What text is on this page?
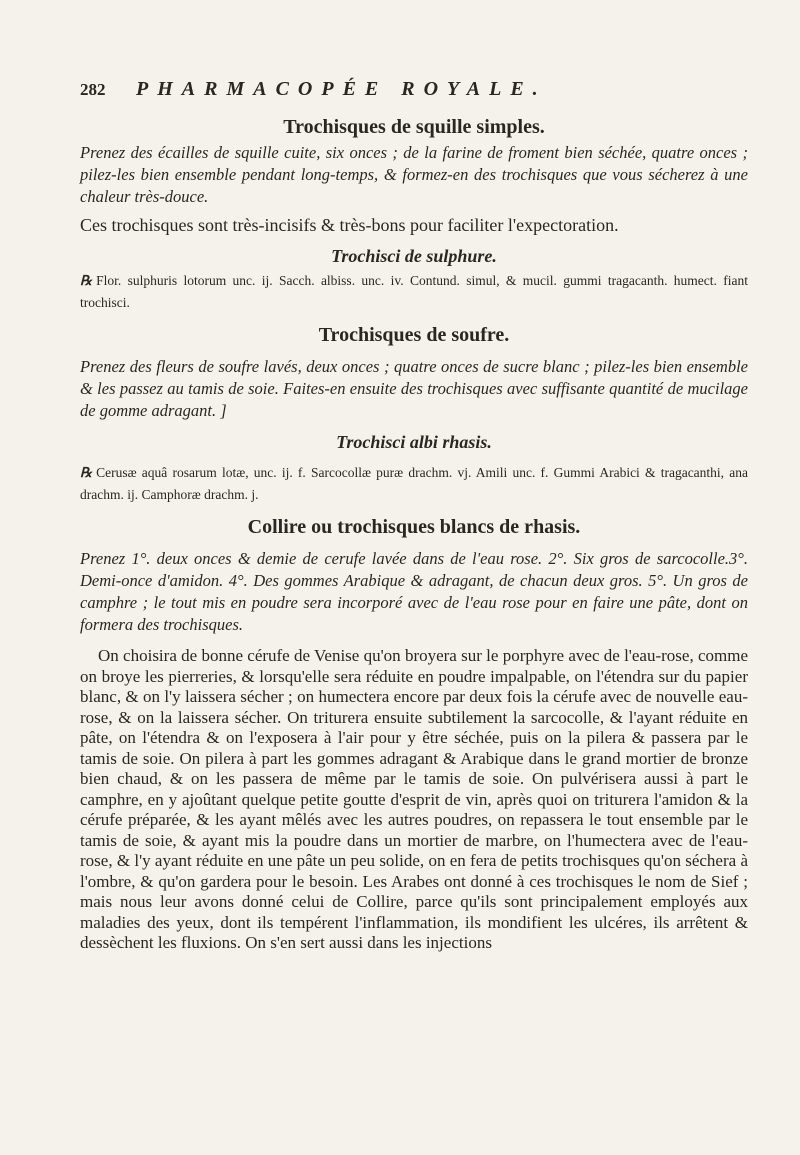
282	PHARMACOPÉE ROYALE.
Trochisques de squille simples.

Prenez des écailles de squille cuite, six onces ; de la farine de froment bien séchée, quatre onces ; pilez-les bien ensemble pendant long-temps, & formez-en des trochisques que vous sécherez à une chaleur très-douce.

Ces trochisques sont très-incisifs & très-bons pour faciliter l'expectoration.

Trochisci de sulphure.

℞ Flor. sulphuris lotorum unc. ij. Sacch. albiss. unc. iv. Contund. simul, & mucil. gummi tragacanth. humect. fiant trochisci.

Trochisques de soufre.

Prenez des fleurs de soufre lavés, deux onces ; quatre onces de sucre blanc ; pilez-les bien ensemble & les passez au tamis de soie. Faites-en ensuite des trochisques avec suffisante quantité de mucilage de gomme adragant. ]

Trochisci albi rhasis.

℞ Cerusæ aquâ rosarum lotæ, unc. ij. f. Sarcocollæ puræ drachm. vj. Amili unc. f. Gummi Arabici & tragacanthi, ana drachm. ij. Camphoræ drachm. j.

Collire ou trochisques blancs de rhasis.

Prenez 1°. deux onces & demie de cerufe lavée dans de l'eau rose. 2°. Six gros de sarcocolle.3°. Demi-once d'amidon. 4°. Des gommes Arabique & adragant, de chacun deux gros. 5°. Un gros de camphre ; le tout mis en poudre sera incorporé avec de l'eau rose pour en faire une pâte, dont on formera des trochisques.

On choisira de bonne cérufe de Venise qu'on broyera sur le porphyre avec de l'eau-rose, comme on broye les pierreries, & lorsqu'elle sera réduite en poudre impalpable, on l'étendra sur du papier blanc, & on l'y laissera sécher ; on humectera encore par deux fois la cérufe avec de nouvelle eau-rose, & on la laissera sécher. On triturera ensuite subtilement la sarcocolle, & l'ayant réduite en pâte, on l'étendra & on l'exposera à l'air pour y être séchée, puis on la pilera & passera par le tamis de soie. On pilera à part les gommes adragant & Arabique dans le grand mortier de bronze bien chaud, & on les passera de même par le tamis de soie. On pulvérisera aussi à part le camphre, en y ajoûtant quelque petite goutte d'esprit de vin, après quoi on triturera l'amidon & la cérufe préparée, & les ayant mêlés avec les autres poudres, on repassera le tout ensemble par le tamis de soie, & ayant mis la poudre dans un mortier de marbre, on l'humectera avec de l'eau-rose, & l'y ayant réduite en une pâte un peu solide, on en fera de petits trochisques qu'on séchera à l'ombre, & qu'on gardera pour le besoin. Les Arabes ont donné à ces trochisques le nom de Sief ; mais nous leur avons donné celui de Collire, parce qu'ils sont principalement employés aux maladies des yeux, dont ils tempérent l'inflammation, ils mondifient les ulcéres, ils arrêtent & dessèchent les fluxions. On s'en sert aussi dans les injections
